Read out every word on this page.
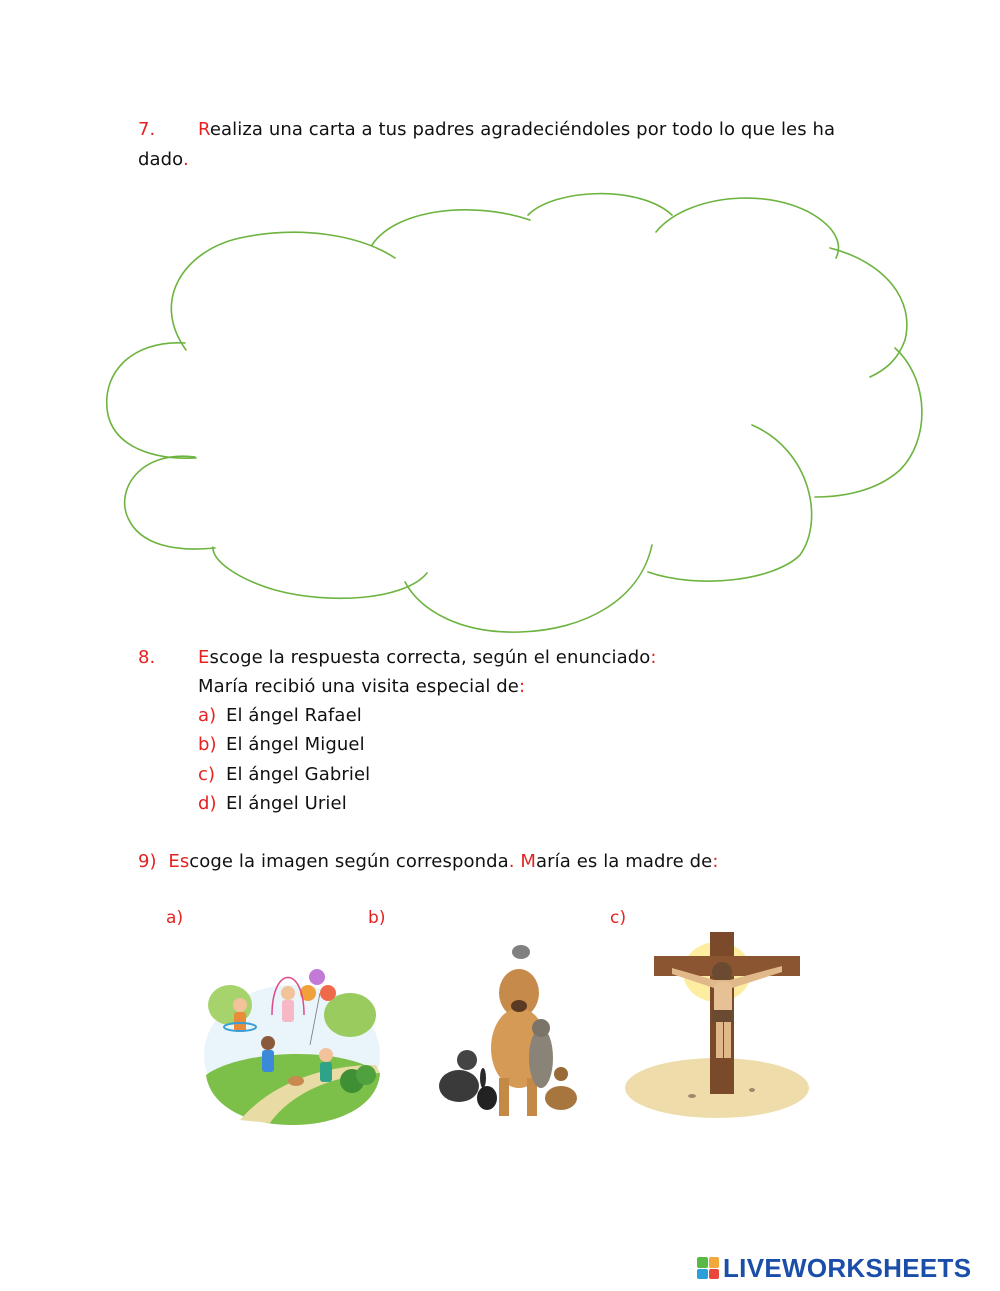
7. Realiza una carta a tus padres agradeciéndoles por todo lo que les ha
dado.
8. Escoge la respuesta correcta, según el enunciado:
María recibió una visita especial de:
a) El ángel Rafael
b) El ángel Miguel
c) El ángel Gabriel
d) El ángel Uriel
9) Escoge la imagen según corresponda. María es la madre de:
a)	b)	c)
LIVEWORKSHEETS
